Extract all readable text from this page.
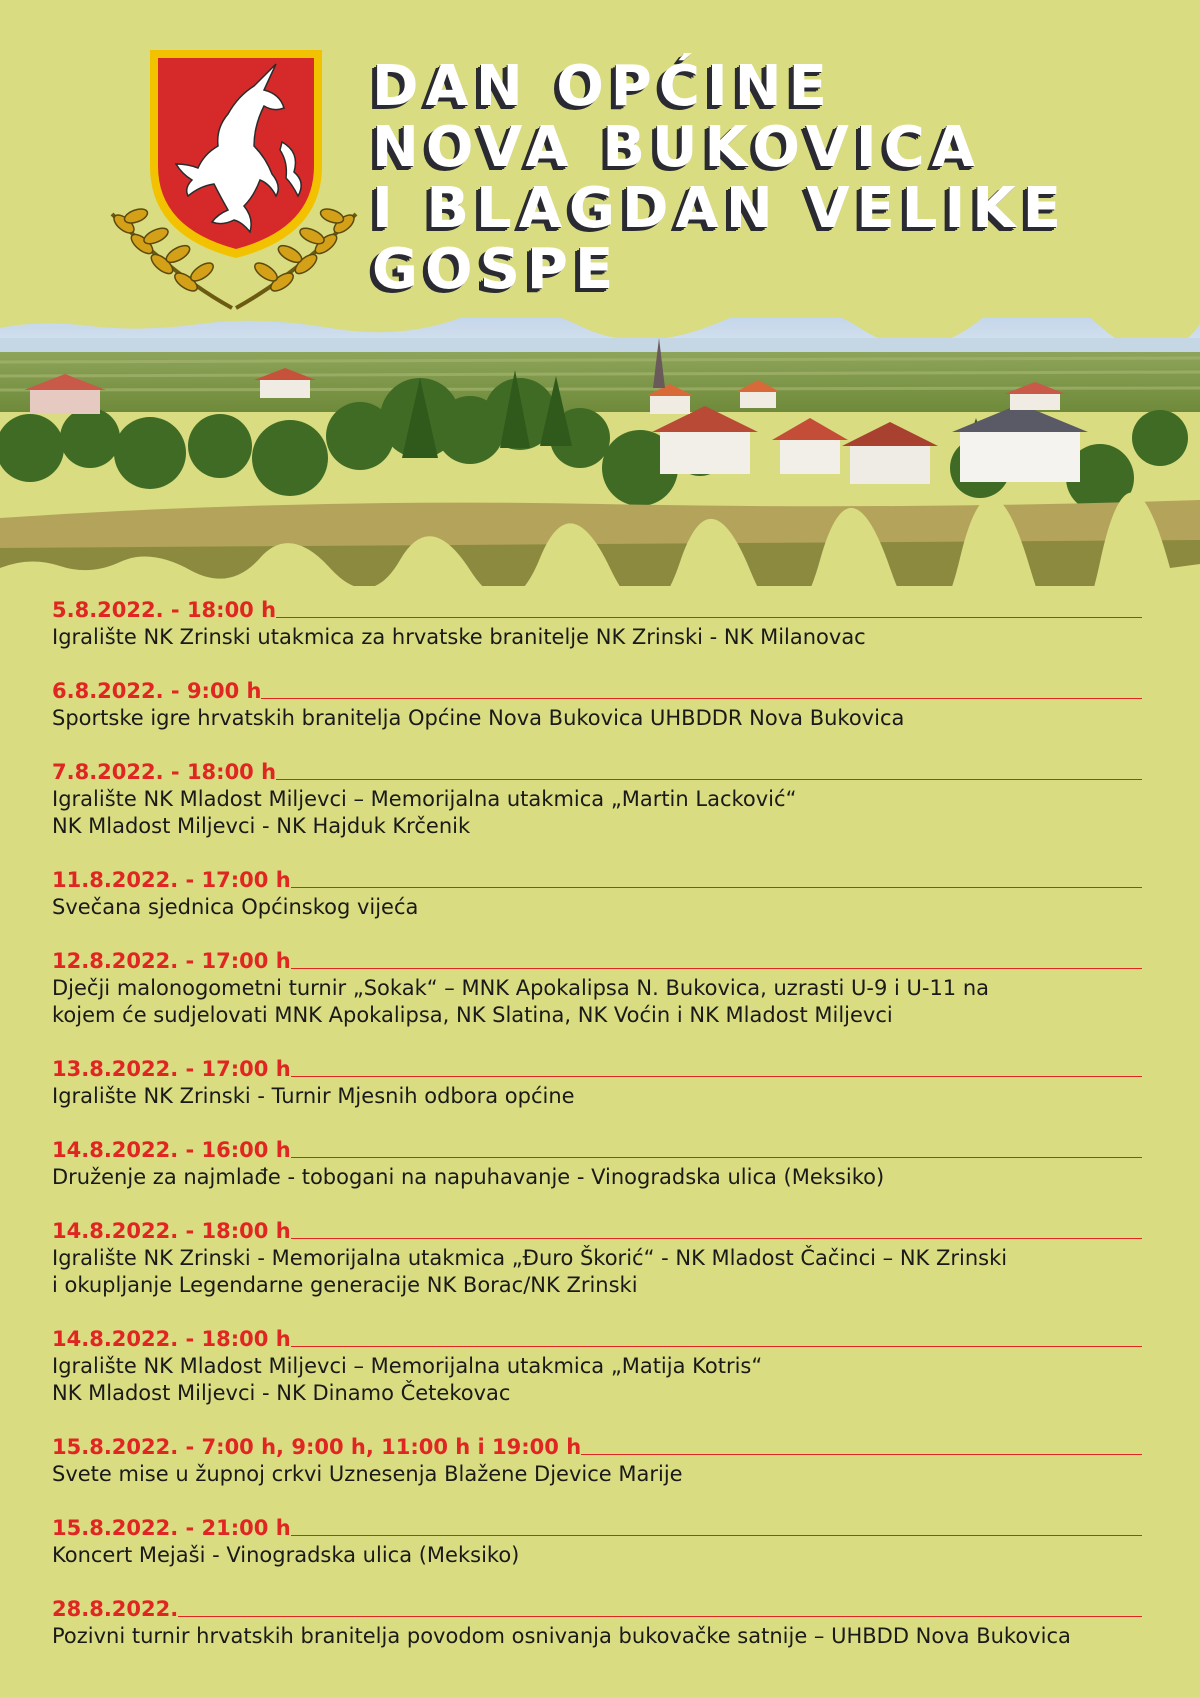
DAN OPĆINE
NOVA BUKOVICA
I BLAGDAN VELIKE
GOSPE
5.8.2022. - 18:00 h
Igralište NK Zrinski utakmica za hrvatske branitelje NK Zrinski - NK Milanovac
6.8.2022. - 9:00 h
Sportske igre hrvatskih branitelja Općine Nova Bukovica UHBDDR Nova Bukovica
7.8.2022. - 18:00 h
Igralište NK Mladost Miljevci – Memorijalna utakmica „Martin Lacković“
NK Mladost Miljevci - NK Hajduk Krčenik
11.8.2022. - 17:00 h
Svečana sjednica Općinskog vijeća
12.8.2022. - 17:00 h
Dječji malonogometni turnir „Sokak“ – MNK Apokalipsa N. Bukovica, uzrasti U-9 i U-11 na
kojem će sudjelovati MNK Apokalipsa, NK Slatina, NK Voćin i NK Mladost Miljevci
13.8.2022. - 17:00 h
Igralište NK Zrinski - Turnir Mjesnih odbora općine
14.8.2022. - 16:00 h
Druženje za najmlađe - tobogani na napuhavanje - Vinogradska ulica (Meksiko)
14.8.2022. - 18:00 h
Igralište NK Zrinski - Memorijalna utakmica „Đuro Škorić“ - NK Mladost Čačinci – NK Zrinski
i okupljanje Legendarne generacije NK Borac/NK Zrinski
14.8.2022. - 18:00 h
Igralište NK Mladost Miljevci – Memorijalna utakmica „Matija Kotris“
NK Mladost Miljevci - NK Dinamo Četekovac
15.8.2022. - 7:00 h, 9:00 h, 11:00 h i 19:00 h
Svete mise u župnoj crkvi Uznesenja Blažene Djevice Marije
15.8.2022. - 21:00 h
Koncert Mejaši - Vinogradska ulica (Meksiko)
28.8.2022.
Pozivni turnir hrvatskih branitelja povodom osnivanja bukovačke satnije – UHBDD Nova Bukovica
